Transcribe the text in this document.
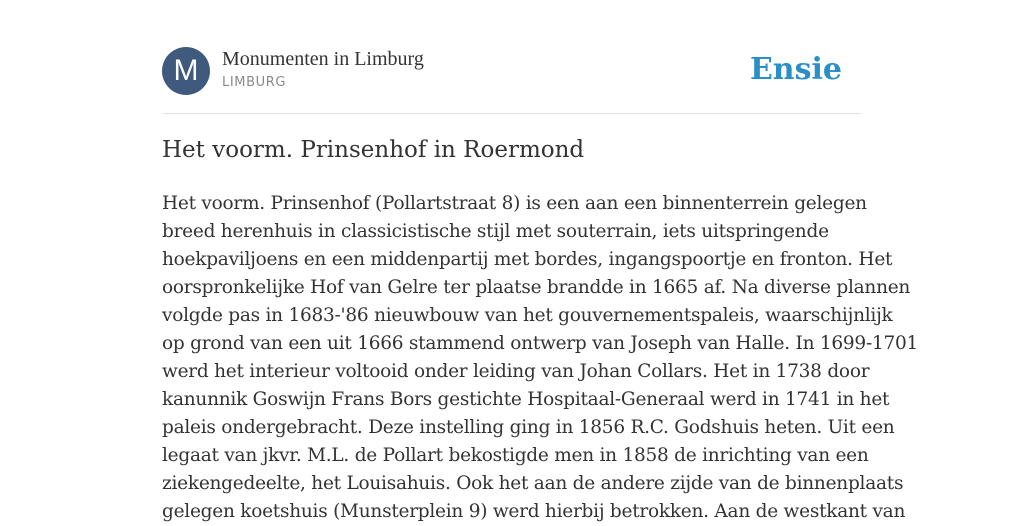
M	Monumenten in Limburg
LIMBURG	Ensie
Het voorm. Prinsenhof in Roermond

Het voorm. Prinsenhof (Pollartstraat 8) is een aan een binnenterrein gelegen
breed herenhuis in classicistische stijl met souterrain, iets uitspringende
hoekpaviljoens en een middenpartij met bordes, ingangspoortje en fronton. Het
oorspronkelijke Hof van Gelre ter plaatse brandde in 1665 af. Na diverse plannen
volgde pas in 1683-'86 nieuwbouw van het gouvernementspaleis, waarschijnlijk
op grond van een uit 1666 stammend ontwerp van Joseph van Halle. In 1699-1701
werd het interieur voltooid onder leiding van Johan Collars. Het in 1738 door
kanunnik Goswijn Frans Bors gestichte Hospitaal-Generaal werd in 1741 in het
paleis ondergebracht. Deze instelling ging in 1856 R.C. Godshuis heten. Uit een
legaat van jkvr. M.L. de Pollart bekostigde men in 1858 de inrichting van een
ziekengedeelte, het Louisahuis. Ook het aan de andere zijde van de binnenplaats
gelegen koetshuis (Munsterplein 9) werd hierbij betrokken. Aan de westkant van
